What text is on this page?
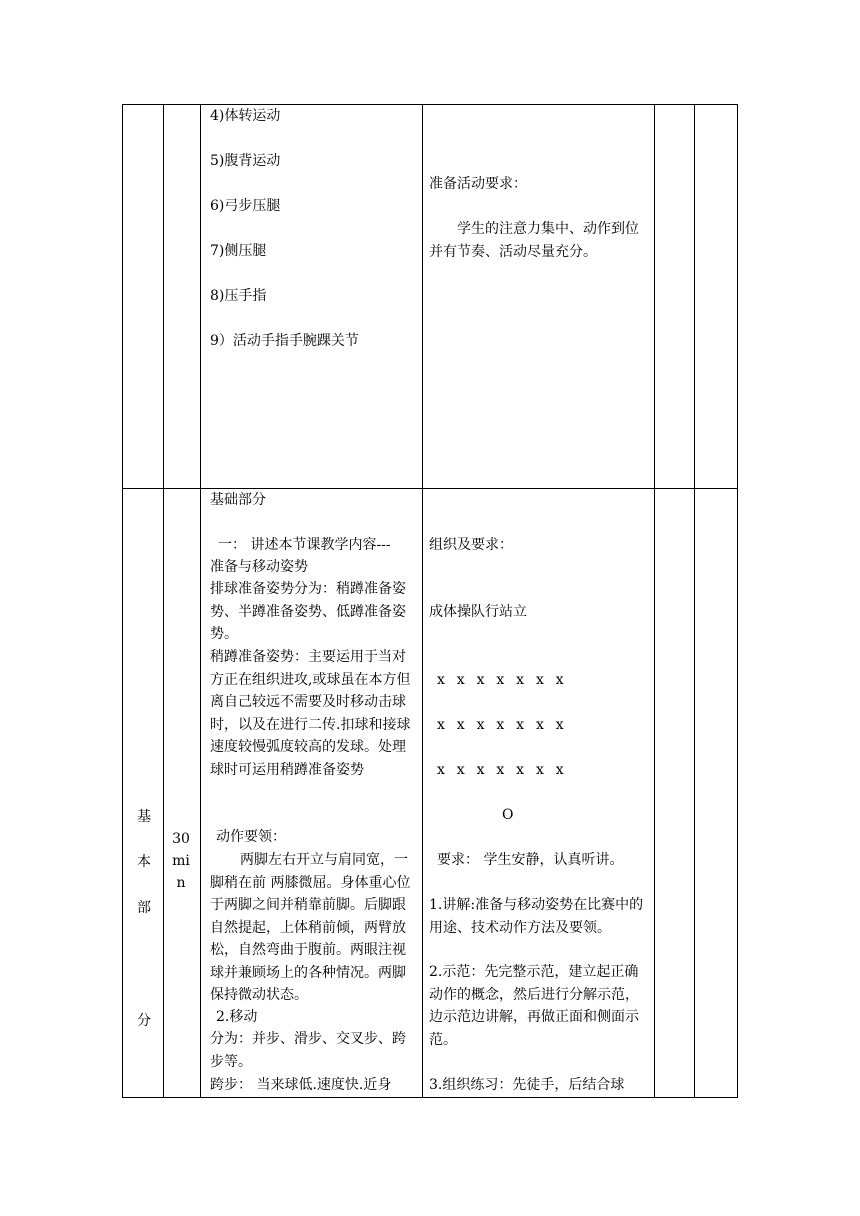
4)体转运动
5)腹背运动
6)弓步压腿
7)侧压腿
8)压手指
9）活动手指手腕踝关节
准备活动要求：
学生的注意力集中、动作到位并有节奏、活动尽量充分。
基
本
部
分
30
mi
n
基础部分
一： 讲述本节课教学内容---
准备与移动姿势
排球准备姿势分为：稍蹲准备姿势、半蹲准备姿势、低蹲准备姿势。
稍蹲准备姿势：主要运用于当对方正在组织进攻,或球虽在本方但离自己较远不需要及时移动击球时，以及在进行二传.扣球和接球速度较慢弧度较高的发球。处理球时可运用稍蹲准备姿势
动作要领：
两脚左右开立与肩同宽，一脚稍在前 两膝微屈。身体重心位于两脚之间并稍靠前脚。后脚跟自然提起，上体稍前倾，两臂放松，自然弯曲于腹前。两眼注视球并兼顾场上的各种情况。两脚保持微动状态。
2.移动
分为：并步、滑步、交叉步、跨步等。
跨步： 当来球低.速度快.近身
组织及要求：
成体操队行站立
x  x  x  x  x  x  x
x  x  x  x  x  x  x
x  x  x  x  x  x  x
O
要求： 学生安静，认真听讲。
1.讲解:准备与移动姿势在比赛中的用途、技术动作方法及要领。
2.示范：先完整示范，建立起正确动作的概念，然后进行分解示范，边示范边讲解，再做正面和侧面示范。
3.组织练习：先徒手，后结合球
